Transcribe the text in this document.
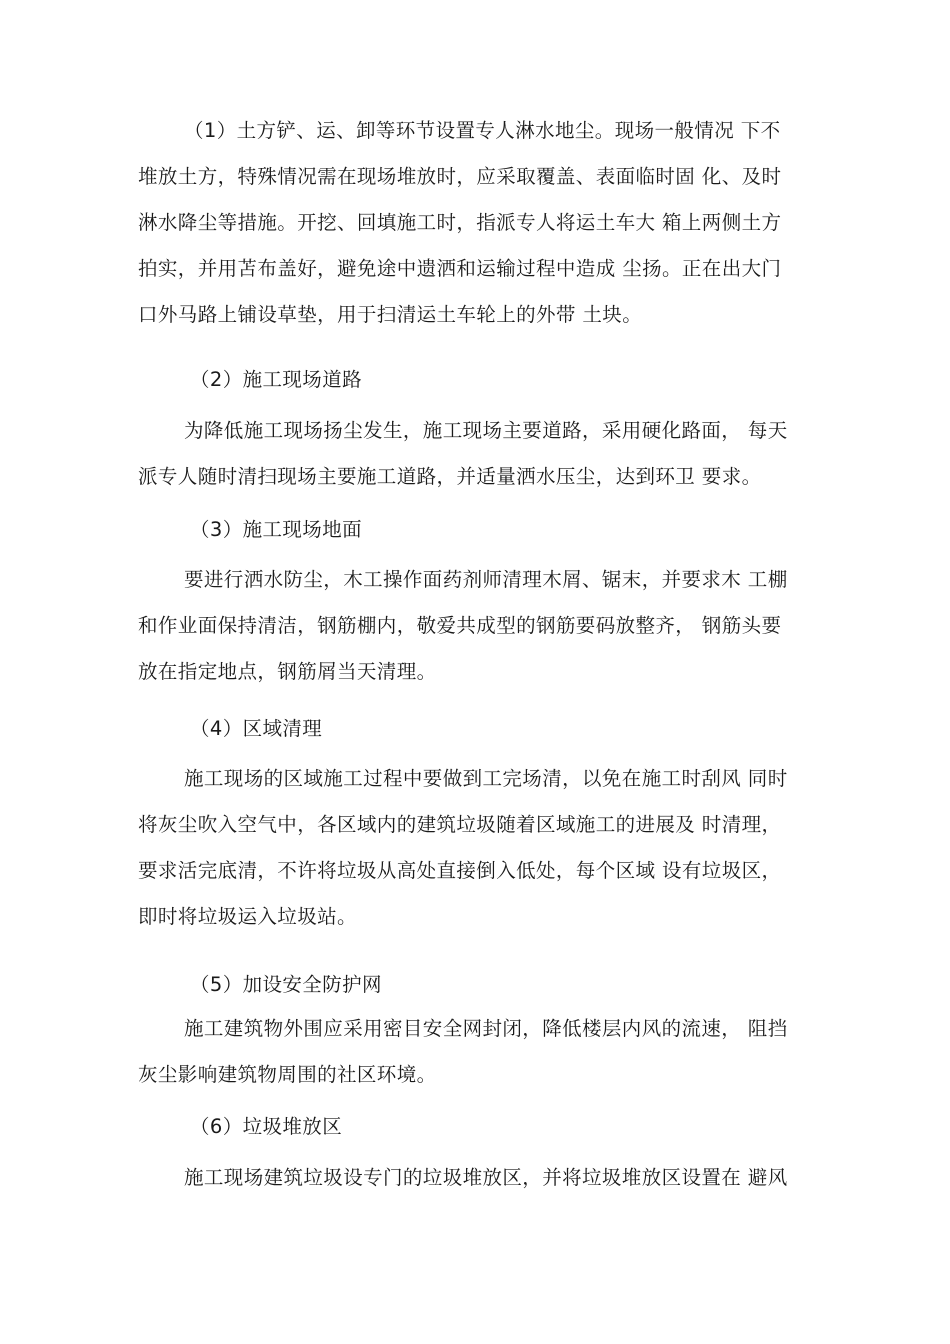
（1）土方铲、运、卸等环节设置专人淋水地尘。现场一般情况 下不
堆放土方，特殊情况需在现场堆放时，应采取覆盖、表面临时固 化、及时
淋水降尘等措施。开挖、回填施工时，指派专人将运土车大 箱上两侧土方
拍实，并用苫布盖好，避免途中遗洒和运输过程中造成 尘扬。正在出大门
口外马路上铺设草垫，用于扫清运土车轮上的外带 土块。
（2）施工现场道路
为降低施工现场扬尘发生，施工现场主要道路，采用硬化路面， 每天
派专人随时清扫现场主要施工道路，并适量洒水压尘，达到环卫 要求。
（3）施工现场地面
要进行洒水防尘，木工操作面药剂师清理木屑、锯末，并要求木 工棚
和作业面保持清洁，钢筋棚内，敬爱共成型的钢筋要码放整齐， 钢筋头要
放在指定地点，钢筋屑当天清理。
（4）区域清理
施工现场的区域施工过程中要做到工完场清，以免在施工时刮风 同时
将灰尘吹入空气中，各区域内的建筑垃圾随着区域施工的进展及 时清理，
要求活完底清，不许将垃圾从高处直接倒入低处，每个区域 设有垃圾区，
即时将垃圾运入垃圾站。
（5）加设安全防护网
施工建筑物外围应采用密目安全网封闭，降低楼层内风的流速， 阻挡
灰尘影响建筑物周围的社区环境。
（6）垃圾堆放区
施工现场建筑垃圾设专门的垃圾堆放区，并将垃圾堆放区设置在 避风
